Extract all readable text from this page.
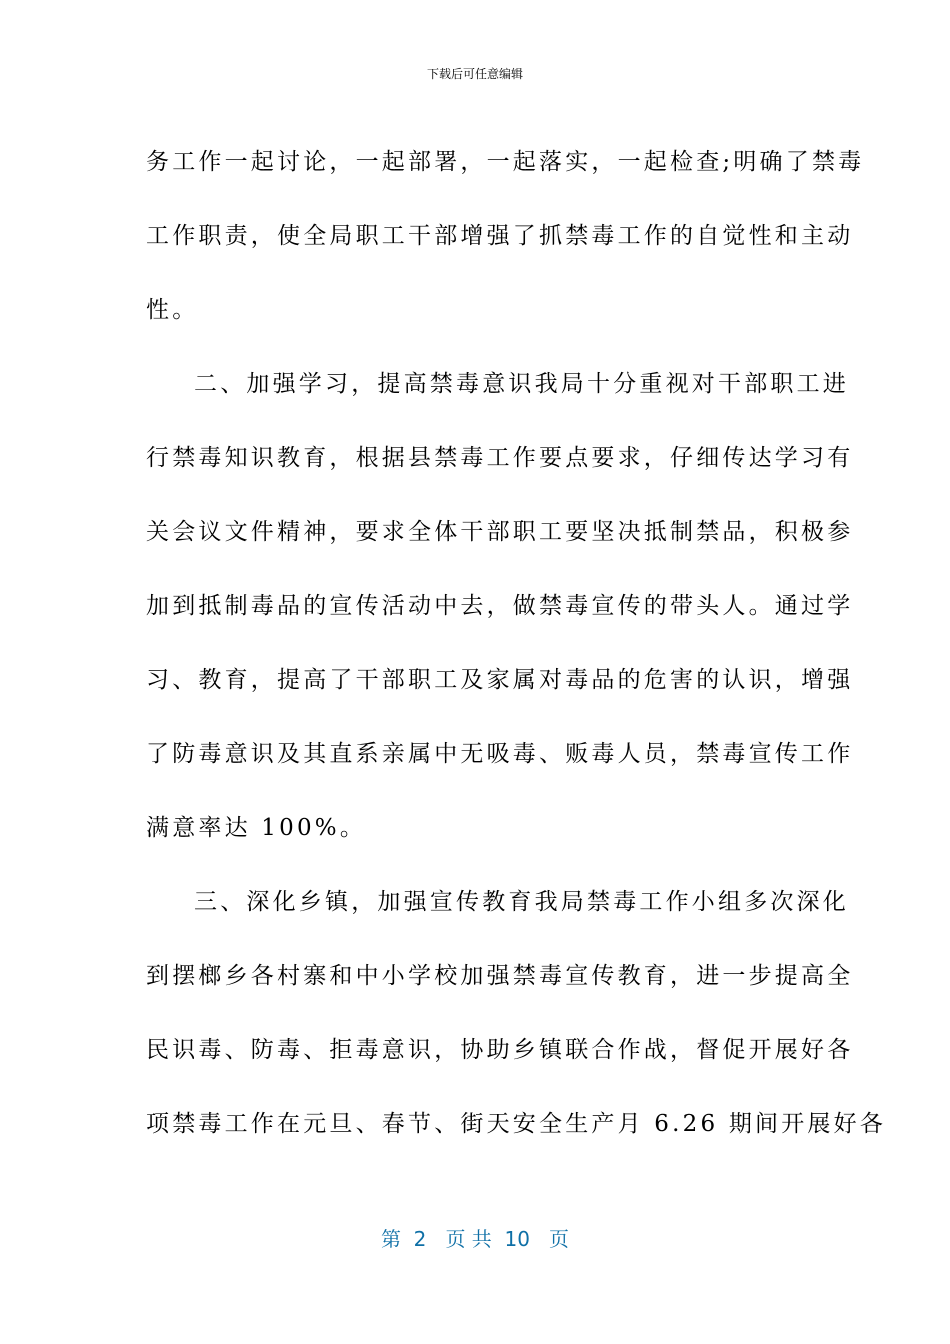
下载后可任意编辑
务工作一起讨论，一起部署，一起落实，一起检查;明确了禁毒
工作职责，使全局职工干部增强了抓禁毒工作的自觉性和主动
性。
二、加强学习，提高禁毒意识我局十分重视对干部职工进
行禁毒知识教育，根据县禁毒工作要点要求，仔细传达学习有
关会议文件精神，要求全体干部职工要坚决抵制禁品，积极参
加到抵制毒品的宣传活动中去，做禁毒宣传的带头人。通过学
习、教育，提高了干部职工及家属对毒品的危害的认识，增强
了防毒意识及其直系亲属中无吸毒、贩毒人员，禁毒宣传工作
满意率达 100%。
三、深化乡镇，加强宣传教育我局禁毒工作小组多次深化
到摆榔乡各村寨和中小学校加强禁毒宣传教育，进一步提高全
民识毒、防毒、拒毒意识，协助乡镇联合作战，督促开展好各
项禁毒工作在元旦、春节、街天安全生产月 6.26 期间开展好各
第  2   页 共  10   页
